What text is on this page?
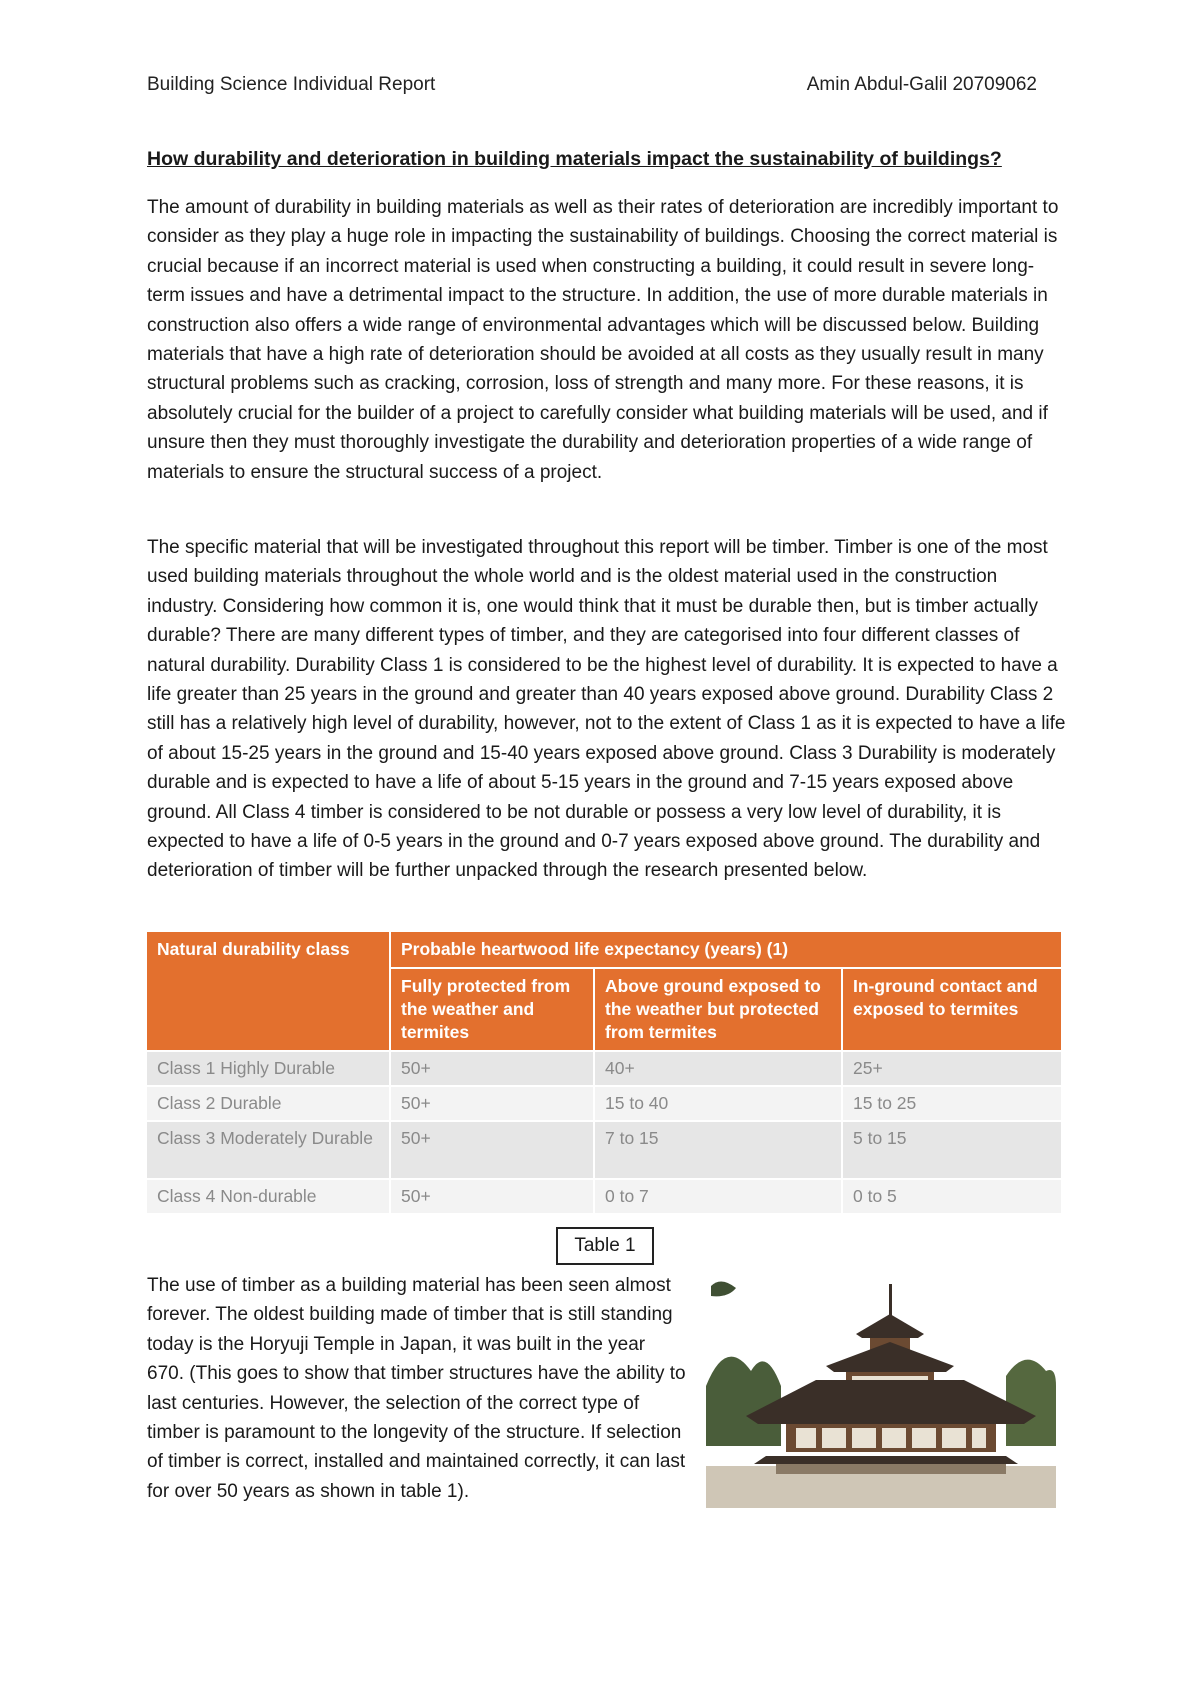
Building Science Individual Report	Amin Abdul-Galil 20709062
How durability and deterioration in building materials impact the sustainability of buildings?

The amount of durability in building materials as well as their rates of deterioration are incredibly important to consider as they play a huge role in impacting the sustainability of buildings. Choosing the correct material is crucial because if an incorrect material is used when constructing a building, it could result in severe long-term issues and have a detrimental impact to the structure. In addition, the use of more durable materials in construction also offers a wide range of environmental advantages which will be discussed below. Building materials that have a high rate of deterioration should be avoided at all costs as they usually result in many structural problems such as cracking, corrosion, loss of strength and many more. For these reasons, it is absolutely crucial for the builder of a project to carefully consider what building materials will be used, and if unsure then they must thoroughly investigate the durability and deterioration properties of a wide range of materials to ensure the structural success of a project.

The specific material that will be investigated throughout this report will be timber. Timber is one of the most used building materials throughout the whole world and is the oldest material used in the construction industry. Considering how common it is, one would think that it must be durable then, but is timber actually durable? There are many different types of timber, and they are categorised into four different classes of natural durability. Durability Class 1 is considered to be the highest level of durability. It is expected to have a life greater than 25 years in the ground and greater than 40 years exposed above ground. Durability Class 2 still has a relatively high level of durability, however, not to the extent of Class 1 as it is expected to have a life of about 15-25 years in the ground and 15-40 years exposed above ground. Class 3 Durability is moderately durable and is expected to have a life of about 5-15 years in the ground and 7-15 years exposed above ground. All Class 4 timber is considered to be not durable or possess a very low level of durability, it is expected to have a life of 0-5 years in the ground and 0-7 years exposed above ground. The durability and deterioration of timber will be further unpacked through the research presented below.

Natural durability class	Probable heartwood life expectancy (years) (1)		
	Fully protected from the weather and termites	Above ground exposed to the weather but protected from termites	In-ground contact and exposed to termites
Class 1 Highly Durable	50+	40+	25+
Class 2 Durable	50+	15 to 40	15 to 25
Class 3 Moderately Durable	50+	7 to 15	5 to 15
Class 4 Non-durable	50+	0 to 7	0 to 5
Table 1

The use of timber as a building material has been seen almost forever. The oldest building made of timber that is still standing today is the Horyuji Temple in Japan, it was built in the year 670. (This goes to show that timber structures have the ability to last centuries. However, the selection of the correct type of timber is paramount to the longevity of the structure. If selection of timber is correct, installed and maintained correctly, it can last for over 50 years as shown in table 1).
